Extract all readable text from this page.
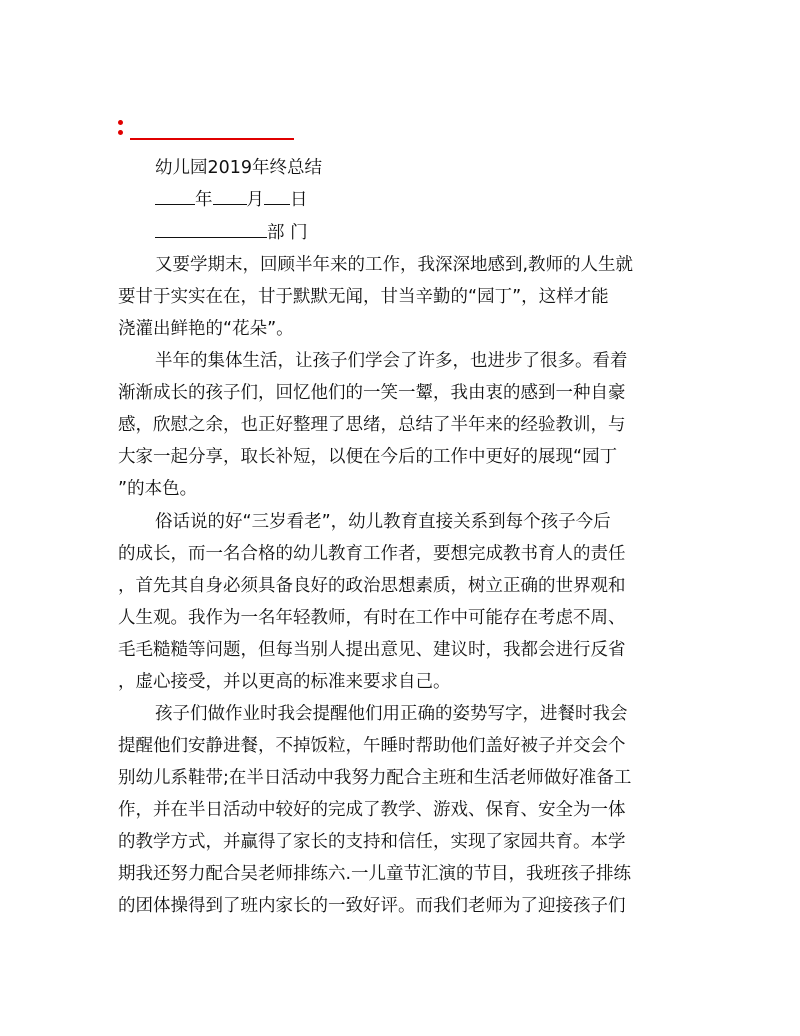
幼儿园2019年终总结
年 月 日
部 门
又要学期末，回顾半年来的工作，我深深地感到,教师的人生就
要甘于实实在在，甘于默默无闻，甘当辛勤的“园丁”，这样才能
浇灌出鲜艳的“花朵”。
半年的集体生活，让孩子们学会了许多，也进步了很多。看着
渐渐成长的孩子们，回忆他们的一笑一颦，我由衷的感到一种自豪
感，欣慰之余，也正好整理了思绪，总结了半年来的经验教训，与
大家一起分享，取长补短，以便在今后的工作中更好的展现“园丁
”的本色。
俗话说的好“三岁看老”，幼儿教育直接关系到每个孩子今后
的成长，而一名合格的幼儿教育工作者，要想完成教书育人的责任
，首先其自身必须具备良好的政治思想素质，树立正确的世界观和
人生观。我作为一名年轻教师，有时在工作中可能存在考虑不周、
毛毛糙糙等问题，但每当别人提出意见、建议时，我都会进行反省
，虚心接受，并以更高的标准来要求自己。
孩子们做作业时我会提醒他们用正确的姿势写字，进餐时我会
提醒他们安静进餐，不掉饭粒，午睡时帮助他们盖好被子并交会个
别幼儿系鞋带;在半日活动中我努力配合主班和生活老师做好准备工
作，并在半日活动中较好的完成了教学、游戏、保育、安全为一体
的教学方式，并赢得了家长的支持和信任，实现了家园共育。本学
期我还努力配合吴老师排练六.一儿童节汇演的节目，我班孩子排练
的团体操得到了班内家长的一致好评。而我们老师为了迎接孩子们
